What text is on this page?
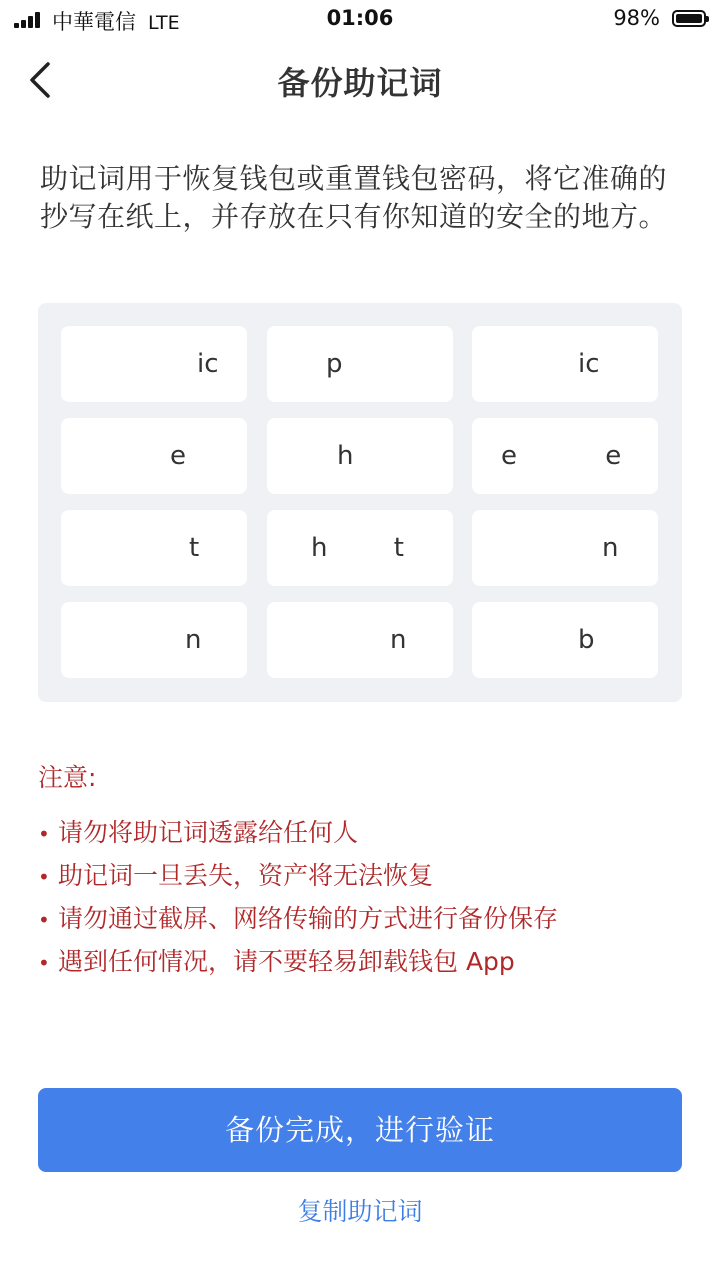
中華電信 LTE	01:06	98%
备份助记词
助记词用于恢复钱包或重置钱包密码，将它准确的抄写在纸上，并存放在只有你知道的安全的地方。
ic	p	ic
e	h	e e
t	h t	n
n	n	b
注意:
• 请勿将助记词透露给任何人
• 助记词一旦丢失，资产将无法恢复
• 请勿通过截屏、网络传输的方式进行备份保存
• 遇到任何情况，请不要轻易卸载钱包 App
备份完成，进行验证
复制助记词
